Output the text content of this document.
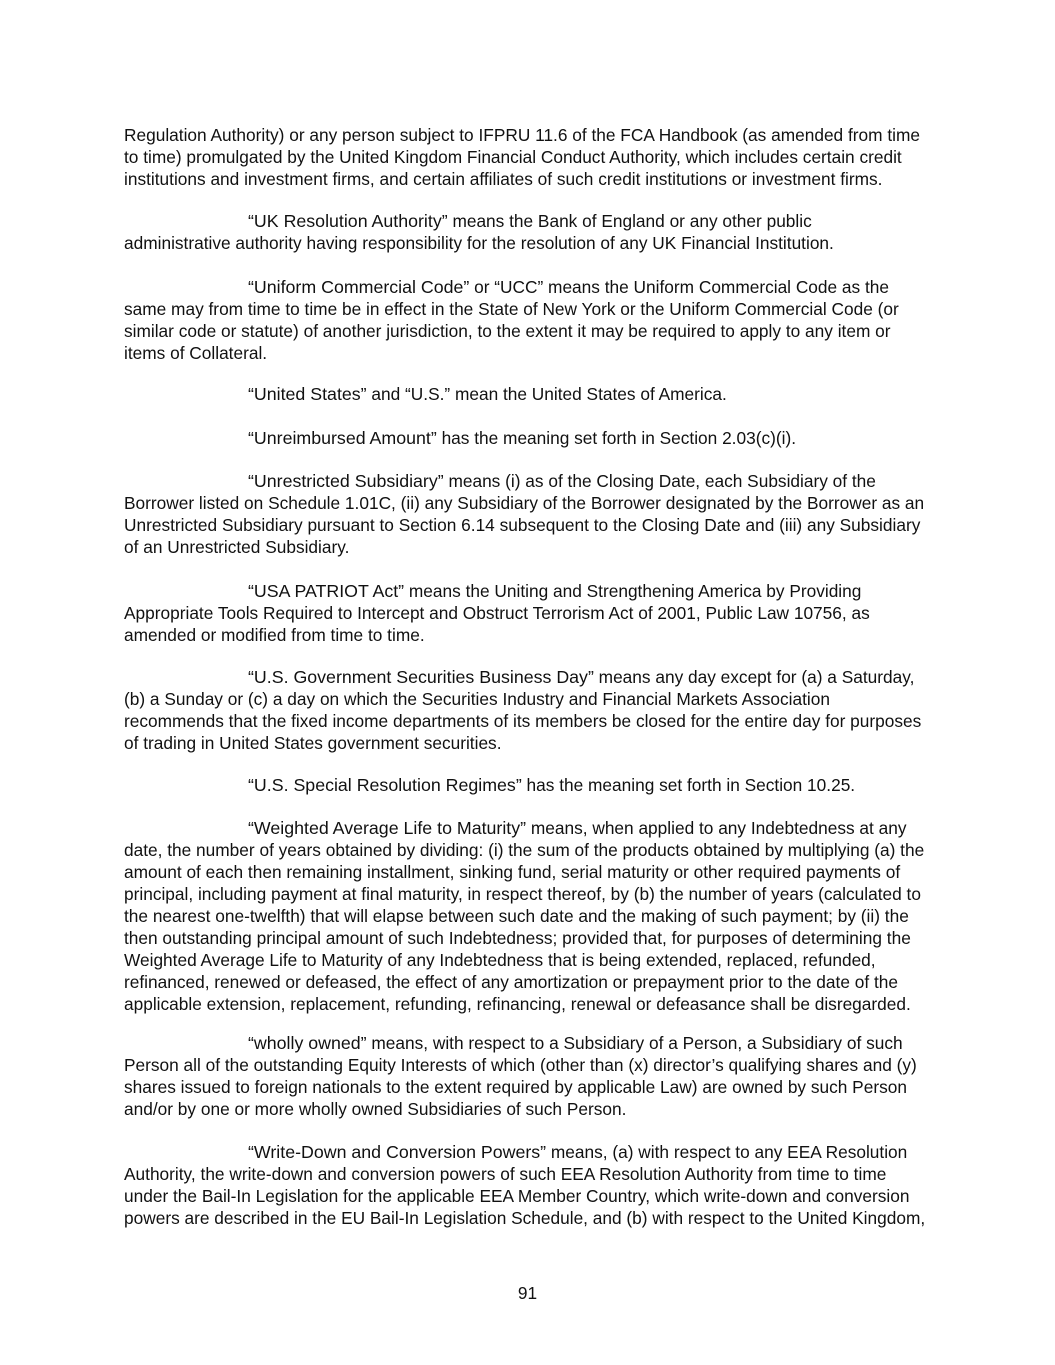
Regulation Authority) or any person subject to IFPRU 11.6 of the FCA Handbook (as amended from time
to time) promulgated by the United Kingdom Financial Conduct Authority, which includes certain credit
institutions and investment firms, and certain affiliates of such credit institutions or investment firms.
“UK Resolution Authority” means the Bank of England or any other public
administrative authority having responsibility for the resolution of any UK Financial Institution.
“Uniform Commercial Code” or “UCC” means the Uniform Commercial Code as the
same may from time to time be in effect in the State of New York or the Uniform Commercial Code (or
similar code or statute) of another jurisdiction, to the extent it may be required to apply to any item or
items of Collateral.
“United States” and “U.S.” mean the United States of America.
“Unreimbursed Amount” has the meaning set forth in Section 2.03(c)(i).
“Unrestricted Subsidiary” means (i) as of the Closing Date, each Subsidiary of the
Borrower listed on Schedule 1.01C, (ii) any Subsidiary of the Borrower designated by the Borrower as an
Unrestricted Subsidiary pursuant to Section 6.14 subsequent to the Closing Date and (iii) any Subsidiary
of an Unrestricted Subsidiary.
“USA PATRIOT Act” means the Uniting and Strengthening America by Providing
Appropriate Tools Required to Intercept and Obstruct Terrorism Act of 2001, Public Law 10756, as
amended or modified from time to time.
“U.S. Government Securities Business Day” means any day except for (a) a Saturday,
(b) a Sunday or (c) a day on which the Securities Industry and Financial Markets Association
recommends that the fixed income departments of its members be closed for the entire day for purposes
of trading in United States government securities.
“U.S. Special Resolution Regimes” has the meaning set forth in Section 10.25.
“Weighted Average Life to Maturity” means, when applied to any Indebtedness at any
date, the number of years obtained by dividing: (i) the sum of the products obtained by multiplying (a) the
amount of each then remaining installment, sinking fund, serial maturity or other required payments of
principal, including payment at final maturity, in respect thereof, by (b) the number of years (calculated to
the nearest one-twelfth) that will elapse between such date and the making of such payment; by (ii) the
then outstanding principal amount of such Indebtedness; provided that, for purposes of determining the
Weighted Average Life to Maturity of any Indebtedness that is being extended, replaced, refunded,
refinanced, renewed or defeased, the effect of any amortization or prepayment prior to the date of the
applicable extension, replacement, refunding, refinancing, renewal or defeasance shall be disregarded.
“wholly owned” means, with respect to a Subsidiary of a Person, a Subsidiary of such
Person all of the outstanding Equity Interests of which (other than (x) director’s qualifying shares and (y)
shares issued to foreign nationals to the extent required by applicable Law) are owned by such Person
and/or by one or more wholly owned Subsidiaries of such Person.
“Write-Down and Conversion Powers” means, (a) with respect to any EEA Resolution
Authority, the write-down and conversion powers of such EEA Resolution Authority from time to time
under the Bail-In Legislation for the applicable EEA Member Country, which write-down and conversion
powers are described in the EU Bail-In Legislation Schedule, and (b) with respect to the United Kingdom,
91
